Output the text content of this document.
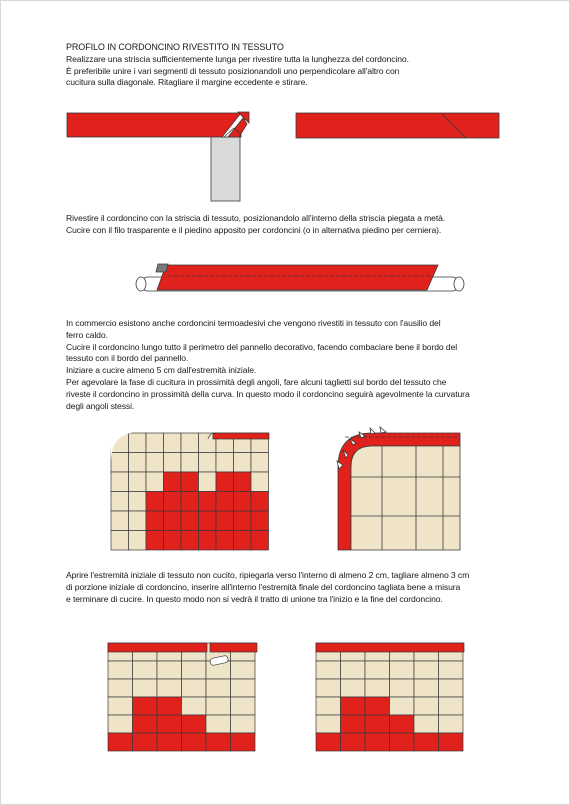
PROFILO IN CORDONCINO RIVESTITO IN TESSUTO

Realizzare una striscia sufficientemente lunga per rivestire tutta la lunghezza del cordoncino.

È preferibile unire i vari segmenti di tessuto posizionandoli uno perpendicolare all'altro con

cucitura sulla diagonale. Ritagliare il margine eccedente e stirare.

Rivestire il cordoncino con la striscia di tessuto, posizionandolo all'interno della striscia piegata a metà.

Cucire con il filo trasparente e il piedino apposito per cordoncini (o in alternativa piedino per cerniera).

In commercio esistono anche cordoncini termoadesivi che vengono rivestiti in tessuto con l'ausilio del

ferro caldo.

Cucire il cordoncino lungo tutto il perimetro del pannello decorativo, facendo combaciare bene il bordo del

tessuto con il bordo del pannello.

Iniziare a cucire almeno 5 cm dall'estremità iniziale.

Per agevolare la fase di cucitura in prossimità degli angoli, fare alcuni taglietti sul bordo del tessuto che

riveste il cordoncino in prossimità della curva. In questo modo il cordoncino seguirà agevolmente la curvatura

degli angoli stessi.

Aprire l'estremità iniziale di tessuto non cucito, ripiegarla verso l'interno di almeno 2 cm, tagliare almeno 3 cm

di porzione iniziale di cordoncino, inserire all'interno l'estremità finale del cordoncino tagliata bene a misura

e terminare di cucire. In questo modo non si vedrà il tratto di unione tra l'inizio e la fine del cordoncino.
